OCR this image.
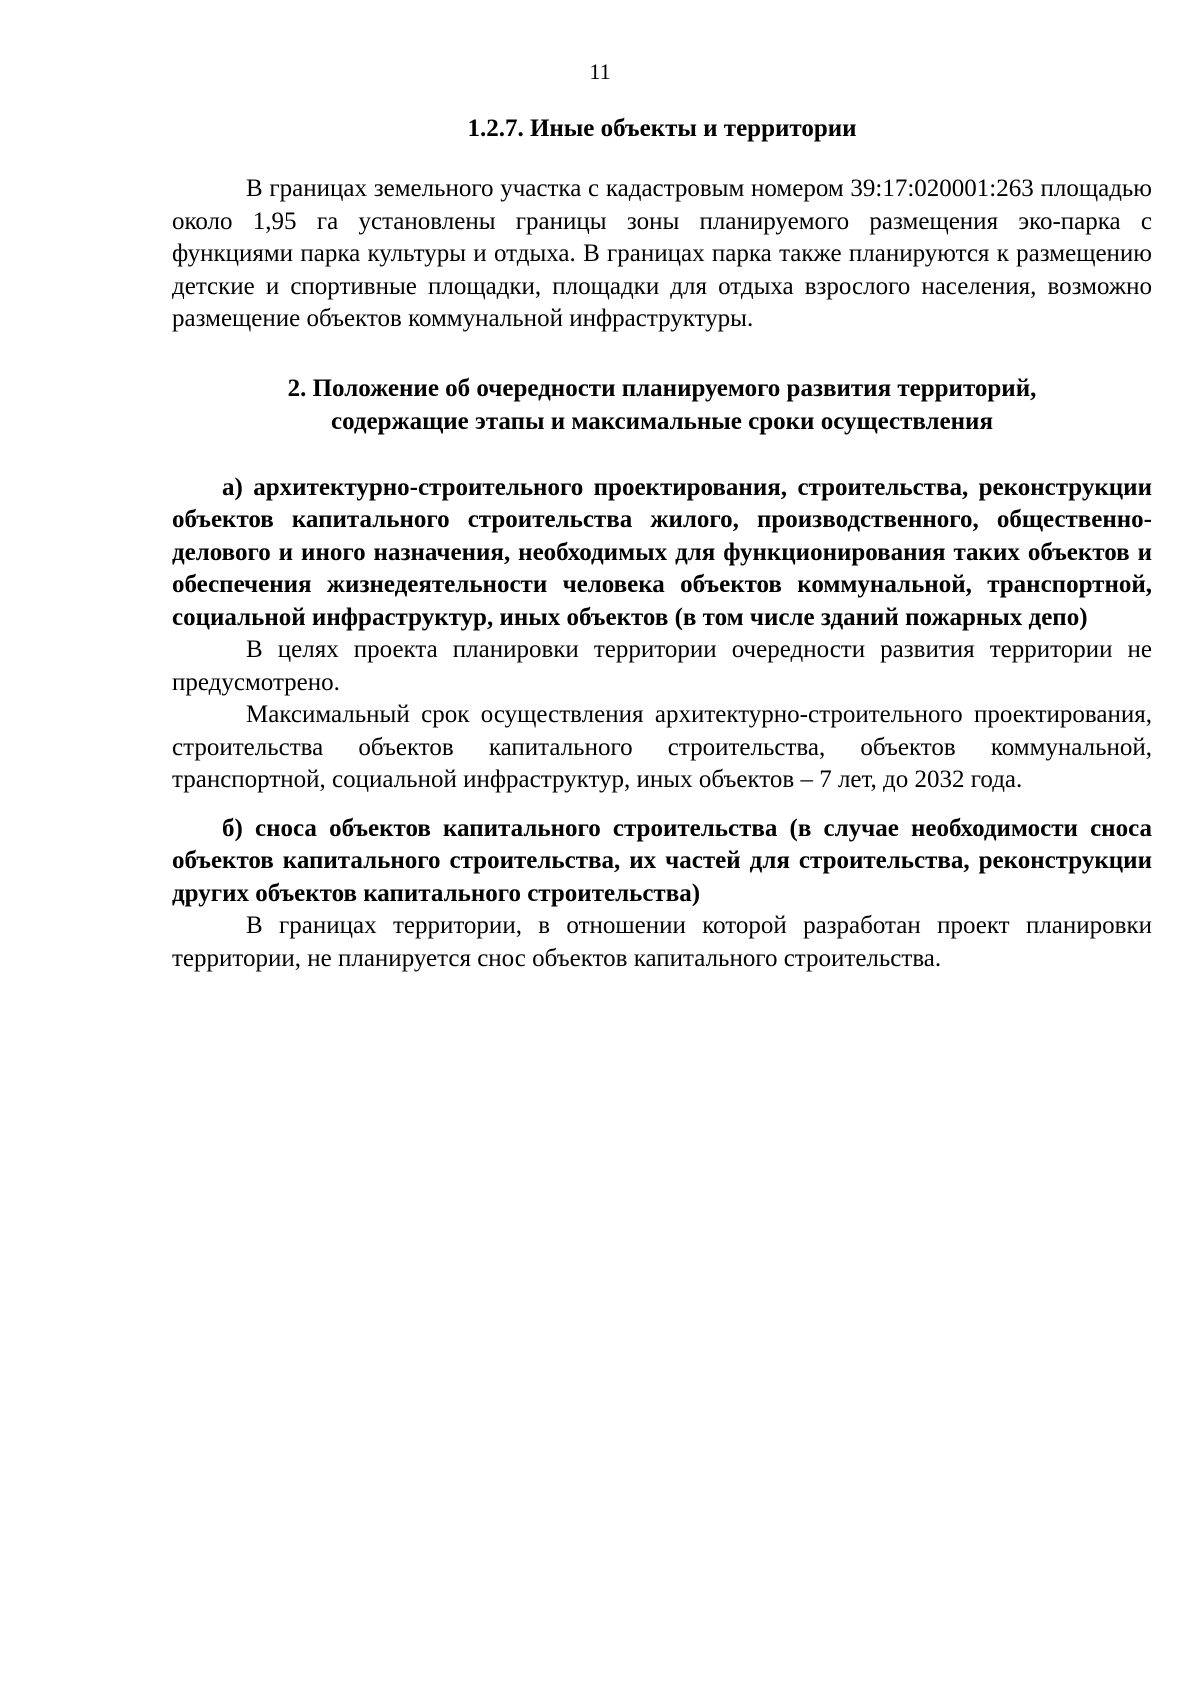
11

1.2.7. Иные объекты и территории

В границах земельного участка с кадастровым номером 39:17:020001:263 площадью около 1,95 га установлены границы зоны планируемого размещения эко-парка с функциями парка культуры и отдыха. В границах парка также планируются к размещению детские и спортивные площадки, площадки для отдыха взрослого населения, возможно размещение объектов коммунальной инфраструктуры.

2. Положение об очередности планируемого развития территорий,

содержащие этапы и максимальные сроки осуществления

а) архитектурно-строительного проектирования, строительства, реконструкции объектов капитального строительства жилого, производственного, общественно-делового и иного назначения, необходимых для функционирования таких объектов и обеспечения жизнедеятельности человека объектов коммунальной, транспортной, социальной инфраструктур, иных объектов (в том числе зданий пожарных депо)

В целях проекта планировки территории очередности развития территории не предусмотрено.

Максимальный срок осуществления архитектурно-строительного проектирования, строительства объектов капитального строительства, объектов коммунальной, транспортной, социальной инфраструктур, иных объектов – 7 лет, до 2032 года.

б) сноса объектов капитального строительства (в случае необходимости сноса объектов капитального строительства, их частей для строительства, реконструкции других объектов капитального строительства)

В границах территории, в отношении которой разработан проект планировки территории, не планируется снос объектов капитального строительства.
